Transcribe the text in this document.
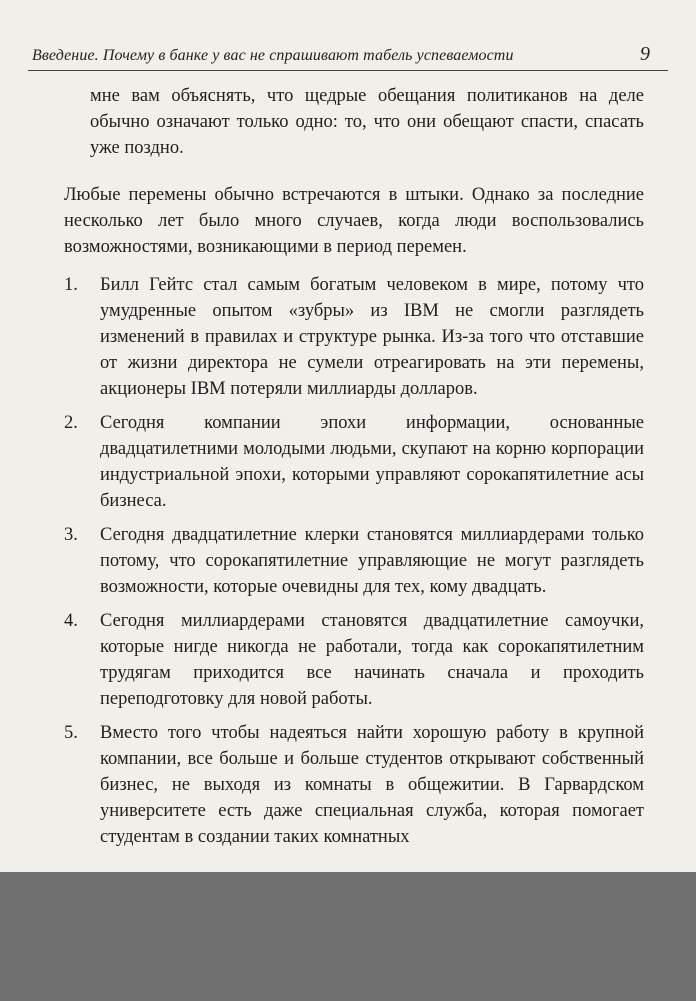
Введение. Почему в банке у вас не спрашивают табель успеваемости	9

мне вам объяснять, что щедрые обещания политиканов на деле обычно означают только одно: то, что они обещают спасти, спасать уже поздно.

Любые перемены обычно встречаются в штыки. Однако за последние несколько лет было много случаев, когда люди воспользовались возможностями, возникающими в период перемен.

1.	Билл Гейтс стал самым богатым человеком в мире, потому что умудренные опытом «зубры» из IBM не смогли разглядеть изменений в правилах и структуре рынка. Из-за того что отставшие от жизни директора не сумели отреагировать на эти перемены, акционеры IBM потеряли миллиарды долларов.
2.	Сегодня компании эпохи информации, основанные двадцатилетними молодыми людьми, скупают на корню корпорации индустриальной эпохи, которыми управляют сорокапятилетние асы бизнеса.
3.	Сегодня двадцатилетние клерки становятся миллиардерами только потому, что сорокапятилетние управляющие не могут разглядеть возможности, которые очевидны для тех, кому двадцать.
4.	Сегодня миллиардерами становятся двадцатилетние самоучки, которые нигде никогда не работали, тогда как сорокапятилетним трудягам приходится все начинать сначала и проходить переподготовку для новой работы.
5.	Вместо того чтобы надеяться найти хорошую работу в крупной компании, все больше и больше студентов открывают собственный бизнес, не выходя из комнаты в общежитии. В Гарвардском университете есть даже специальная служба, которая помогает студентам в создании таких комнатных
